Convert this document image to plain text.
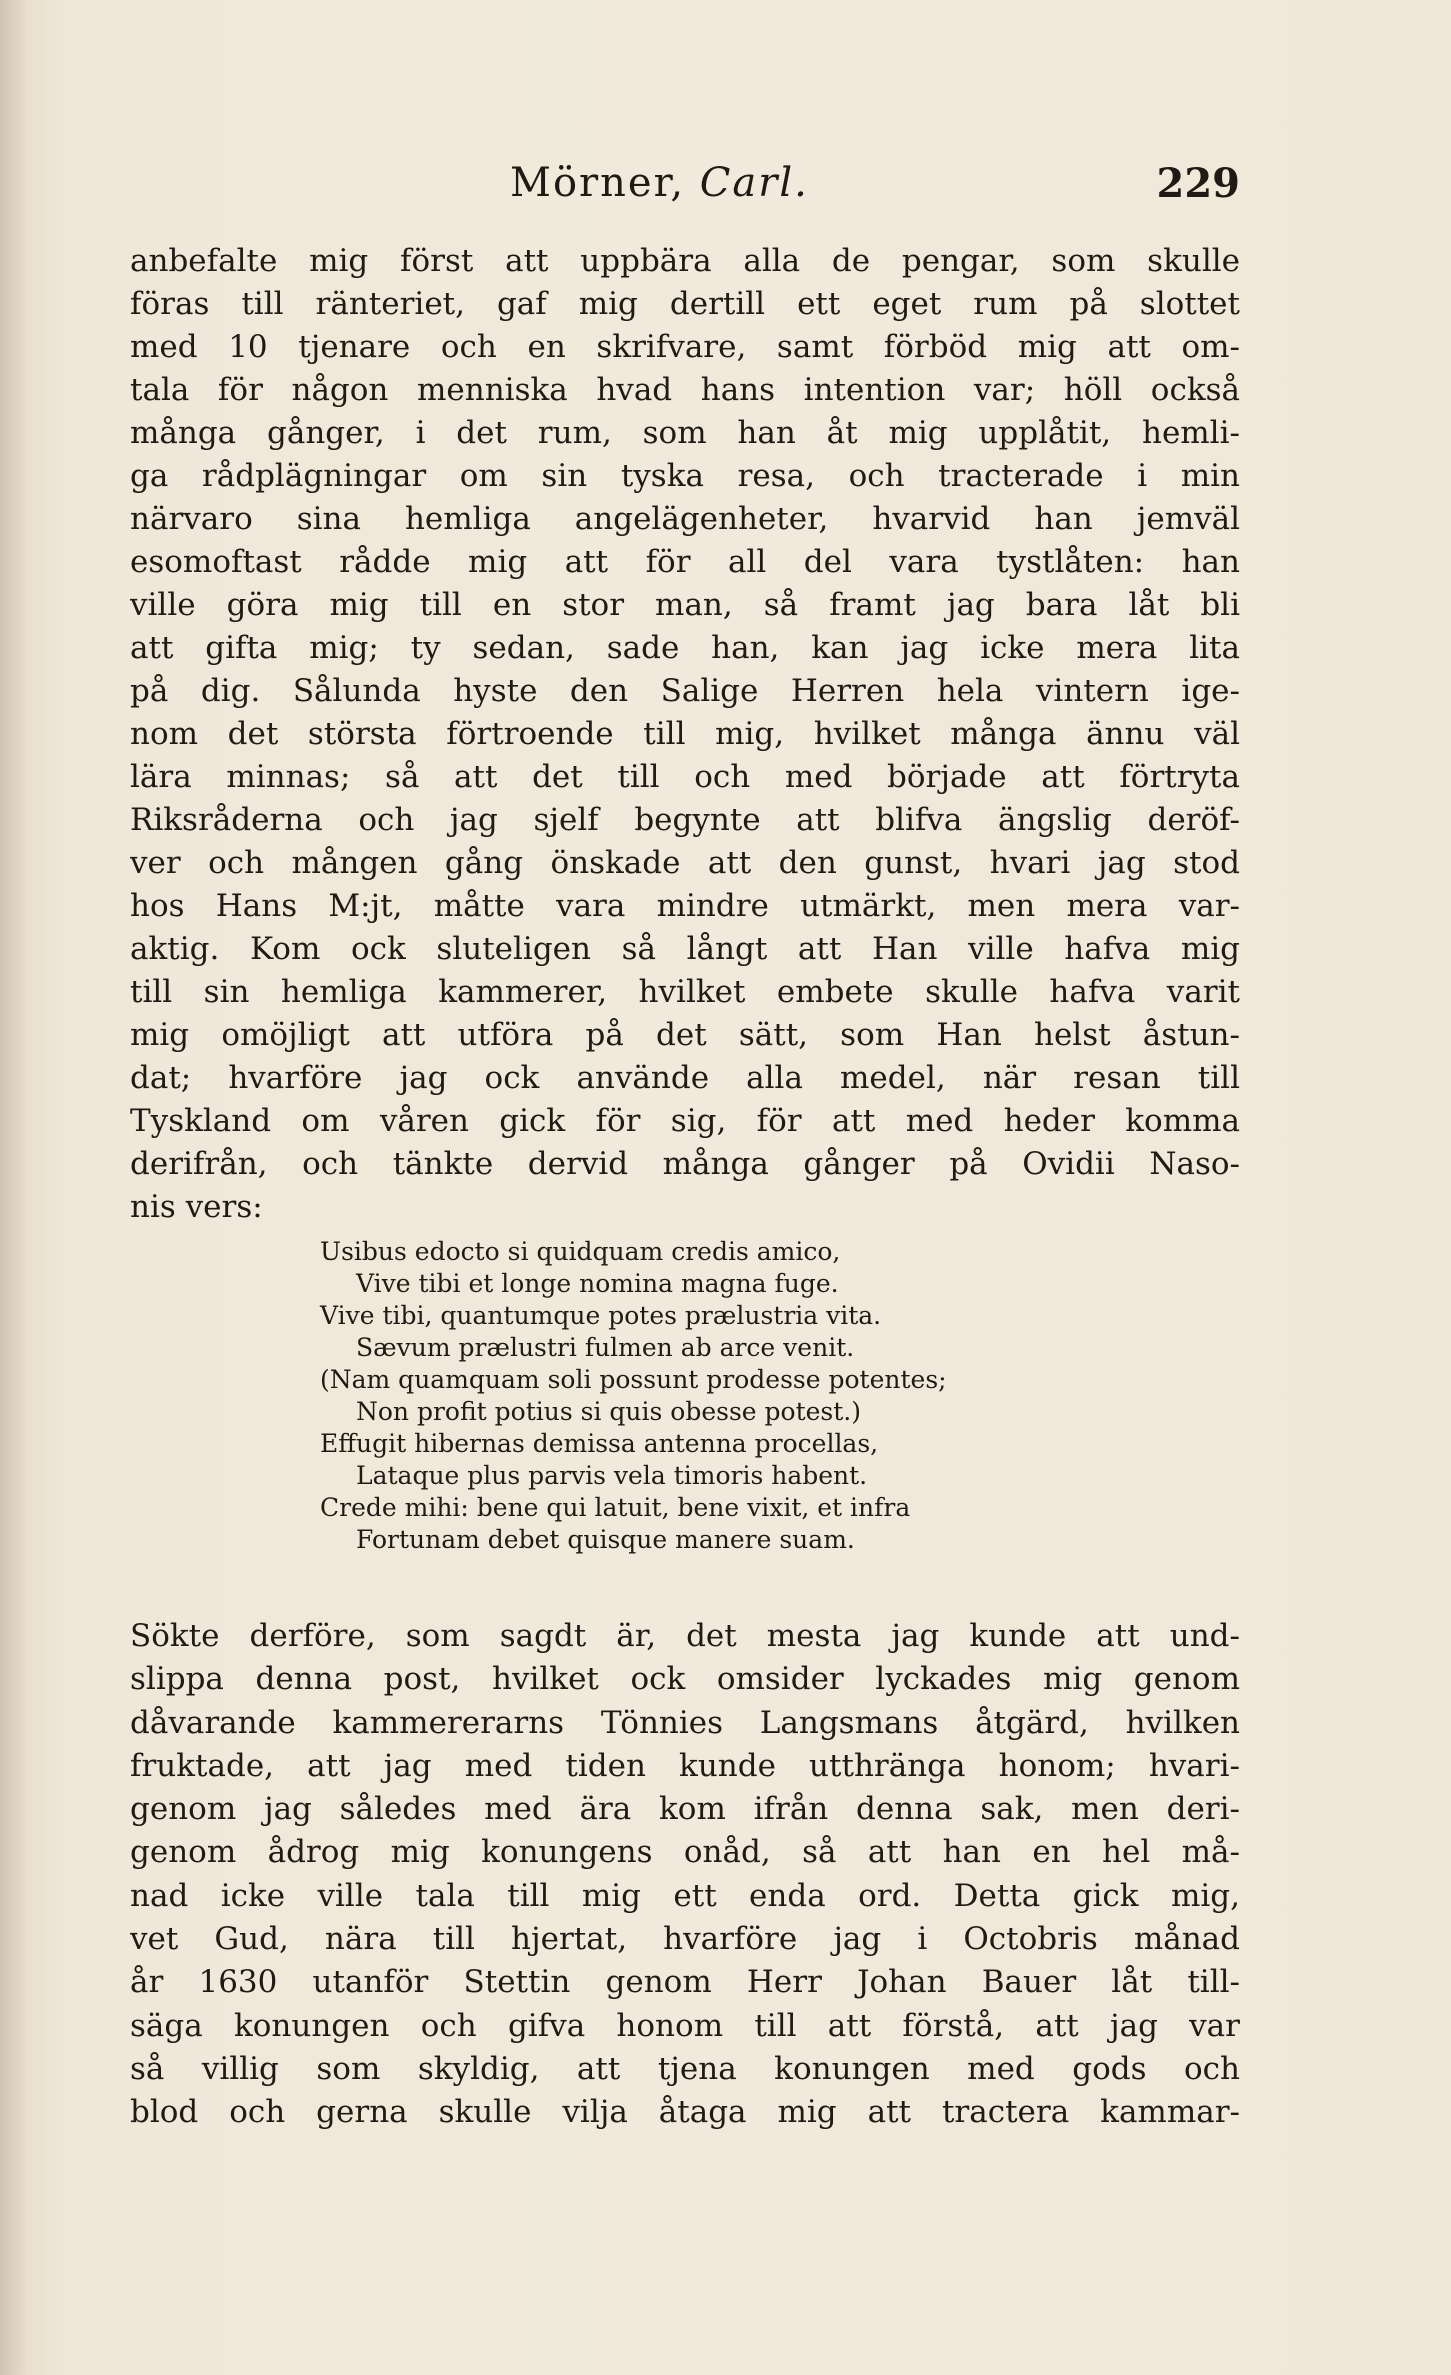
Mörner, Carl.	229
anbefalte mig först att uppbära alla de pengar, som skulle
föras till ränteriet, gaf mig dertill ett eget rum på slottet
med 10 tjenare och en skrifvare, samt förböd mig att om-
tala för någon menniska hvad hans intention var; höll också
många gånger, i det rum, som han åt mig upplåtit, hemli-
ga rådplägningar om sin tyska resa, och tracterade i min
närvaro sina hemliga angelägenheter, hvarvid han jemväl
esomoftast rådde mig att för all del vara tystlåten: han
ville göra mig till en stor man, så framt jag bara låt bli
att gifta mig; ty sedan, sade han, kan jag icke mera lita
på dig. Sålunda hyste den Salige Herren hela vintern ige-
nom det största förtroende till mig, hvilket många ännu väl
lära minnas; så att det till och med började att förtryta
Riksråderna och jag sjelf begynte att blifva ängslig deröf-
ver och mången gång önskade att den gunst, hvari jag stod
hos Hans M:jt, måtte vara mindre utmärkt, men mera var-
aktig. Kom ock sluteligen så långt att Han ville hafva mig
till sin hemliga kammerer, hvilket embete skulle hafva varit
mig omöjligt att utföra på det sätt, som Han helst åstun-
dat; hvarföre jag ock använde alla medel, när resan till
Tyskland om våren gick för sig, för att med heder komma
derifrån, och tänkte dervid många gånger på Ovidii Naso-
nis vers:
Usibus edocto si quidquam credis amico,
Vive tibi et longe nomina magna fuge.
Vive tibi, quantumque potes prælustria vita.
Sævum prælustri fulmen ab arce venit.
(Nam quamquam soli possunt prodesse potentes;
Non profit potius si quis obesse potest.)
Effugit hibernas demissa antenna procellas,
Lataque plus parvis vela timoris habent.
Crede mihi: bene qui latuit, bene vixit, et infra
Fortunam debet quisque manere suam.
Sökte derföre, som sagdt är, det mesta jag kunde att und-
slippa denna post, hvilket ock omsider lyckades mig genom
dåvarande kammererarns Tönnies Langsmans åtgärd, hvilken
fruktade, att jag med tiden kunde utthränga honom; hvari-
genom jag således med ära kom ifrån denna sak, men deri-
genom ådrog mig konungens onåd, så att han en hel må-
nad icke ville tala till mig ett enda ord. Detta gick mig,
vet Gud, nära till hjertat, hvarföre jag i Octobris månad
år 1630 utanför Stettin genom Herr Johan Bauer låt till-
säga konungen och gifva honom till att förstå, att jag var
så villig som skyldig, att tjena konungen med gods och
blod och gerna skulle vilja åtaga mig att tractera kammar-
